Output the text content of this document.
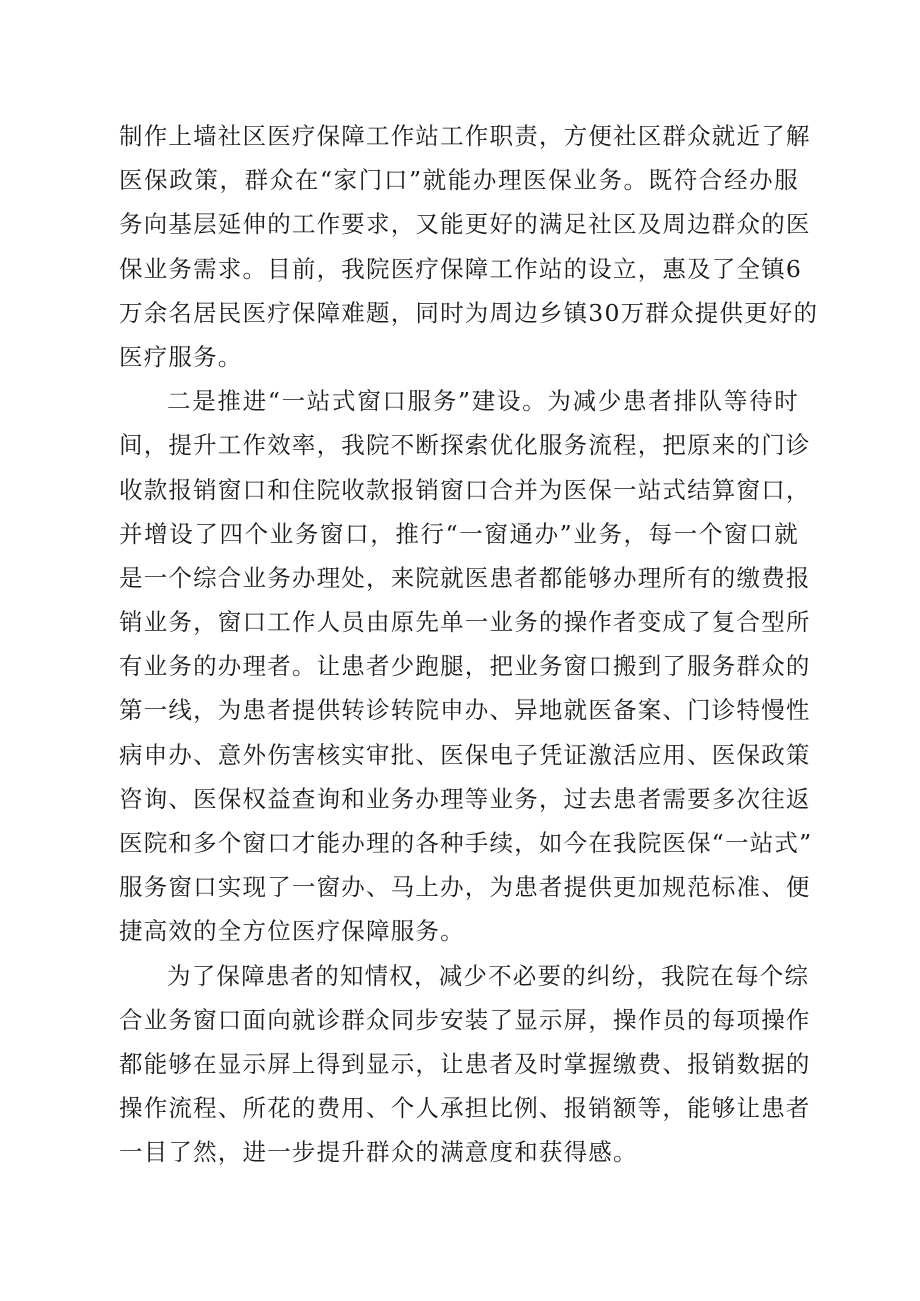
制作上墙社区医疗保障工作站工作职责，方便社区群众就近了解
医保政策，群众在“家门口”就能办理医保业务。既符合经办服
务向基层延伸的工作要求，又能更好的满足社区及周边群众的医
保业务需求。目前，我院医疗保障工作站的设立，惠及了全镇6
万余名居民医疗保障难题，同时为周边乡镇30万群众提供更好的
医疗服务。
二是推进“一站式窗口服务”建设。为减少患者排队等待时
间，提升工作效率，我院不断探索优化服务流程，把原来的门诊
收款报销窗口和住院收款报销窗口合并为医保一站式结算窗口，
并增设了四个业务窗口，推行“一窗通办”业务，每一个窗口就
是一个综合业务办理处，来院就医患者都能够办理所有的缴费报
销业务，窗口工作人员由原先单一业务的操作者变成了复合型所
有业务的办理者。让患者少跑腿，把业务窗口搬到了服务群众的
第一线，为患者提供转诊转院申办、异地就医备案、门诊特慢性
病申办、意外伤害核实审批、医保电子凭证激活应用、医保政策
咨询、医保权益查询和业务办理等业务，过去患者需要多次往返
医院和多个窗口才能办理的各种手续，如今在我院医保“一站式”
服务窗口实现了一窗办、马上办，为患者提供更加规范标准、便
捷高效的全方位医疗保障服务。
为了保障患者的知情权，减少不必要的纠纷，我院在每个综
合业务窗口面向就诊群众同步安装了显示屏，操作员的每项操作
都能够在显示屏上得到显示，让患者及时掌握缴费、报销数据的
操作流程、所花的费用、个人承担比例、报销额等，能够让患者
一目了然，进一步提升群众的满意度和获得感。
